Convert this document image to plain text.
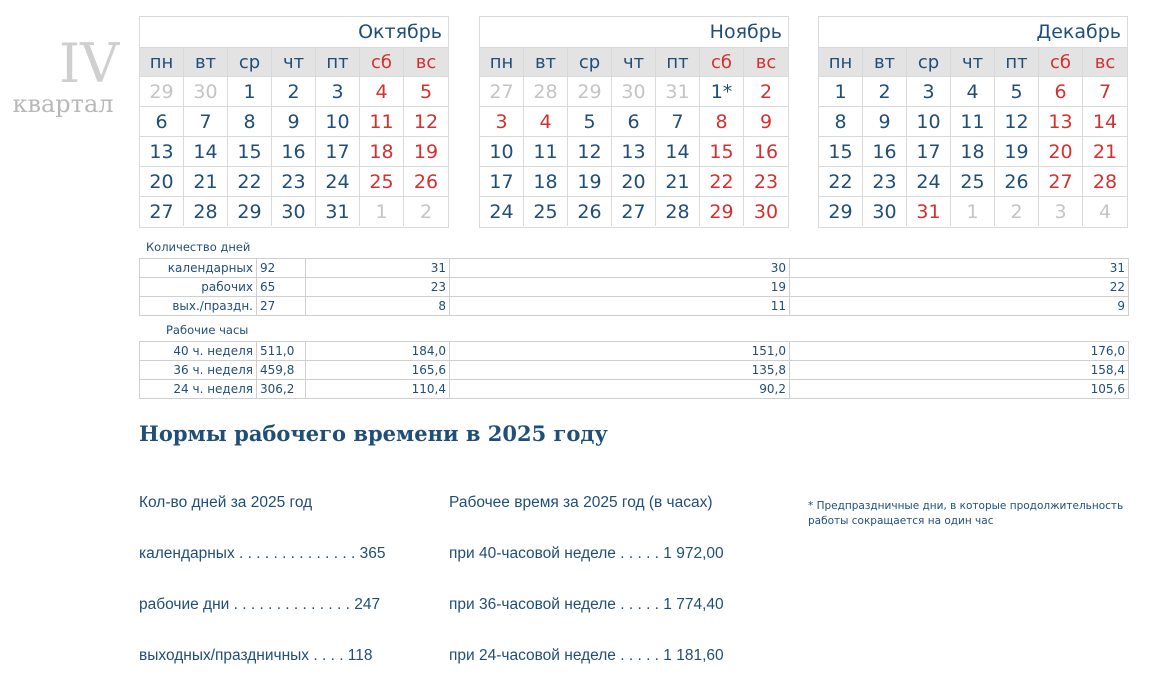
IV
квартал
Октябрь
пн	вт	ср	чт	пт	сб	вс
29	30	1	2	3	4	5
6	7	8	9	10	11	12
13	14	15	16	17	18	19
20	21	22	23	24	25	26
27	28	29	30	31	1	2
Ноябрь
пн	вт	ср	чт	пт	сб	вс
27	28	29	30	31	1*	2
3	4	5	6	7	8	9
10	11	12	13	14	15	16
17	18	19	20	21	22	23
24	25	26	27	28	29	30
Декабрь
пн	вт	ср	чт	пт	сб	вс
1	2	3	4	5	6	7
8	9	10	11	12	13	14
15	16	17	18	19	20	21
22	23	24	25	26	27	28
29	30	31	1	2	3	4
Количество дней
календарных	92	31	30	31
рабочих	65	23	19	22
вых./праздн.	27	8	11	9
Рабочие часы
40 ч. неделя	511,0	184,0	151,0	176,0
36 ч. неделя	459,8	165,6	135,8	158,4
24 ч. неделя	306,2	110,4	90,2	105,6
Нормы рабочего времени в 2025 году

Кол-во дней за 2025 год

календарных . . . . . . . . . . . . . . 365

рабочие дни . . . . . . . . . . . . . . 247

выходных/праздничных . . . . 118

Рабочее время за 2025 год (в часах)

при 40-часовой неделе . . . . . 1 972,00

при 36-часовой неделе . . . . . 1 774,40

при 24-часовой неделе . . . . . 1 181,60

* Предпраздничные дни, в которые продолжительность работы сокращается на один час
